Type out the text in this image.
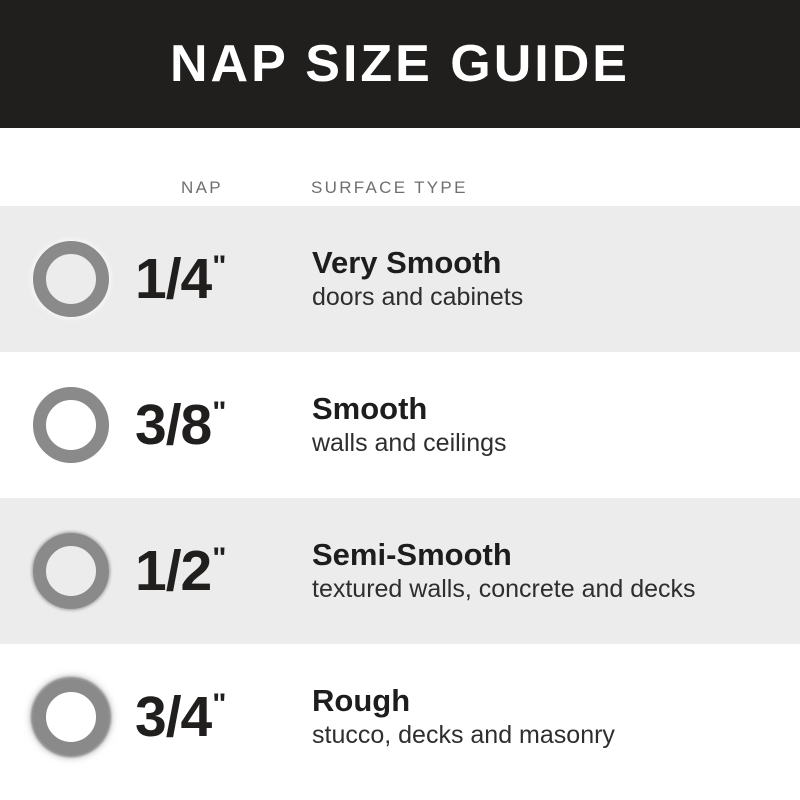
NAP SIZE GUIDE
NAP	SURFACE TYPE
1/4 "	Very Smooth
doors and cabinets
3/8 "	Smooth
walls and ceilings
1/2 "	Semi-Smooth
textured walls, concrete and decks
3/4 "	Rough
stucco, decks and masonry
